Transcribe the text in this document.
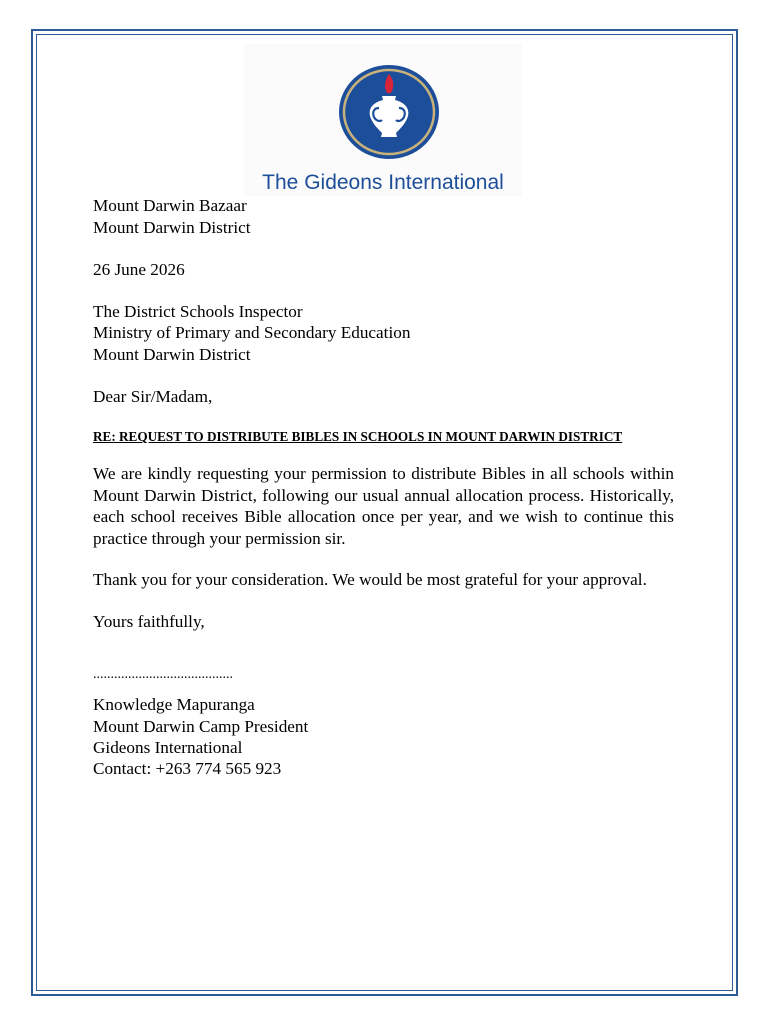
The Gideons International
Mount Darwin Bazaar
Mount Darwin District
26 June 2026
The District Schools Inspector
Ministry of Primary and Secondary Education
Mount Darwin District
Dear Sir/Madam,
RE: REQUEST TO DISTRIBUTE BIBLES IN SCHOOLS IN MOUNT DARWIN DISTRICT
We are kindly requesting your permission to distribute Bibles in all schools within Mount Darwin District, following our usual annual allocation process. Historically, each school receives Bible allocation once per year, and we wish to continue this practice through your permission sir.
Thank you for your consideration. We would be most grateful for your approval.
Yours faithfully,
........................................
Knowledge Mapuranga
Mount Darwin Camp President
Gideons International
Contact: +263 774 565 923
